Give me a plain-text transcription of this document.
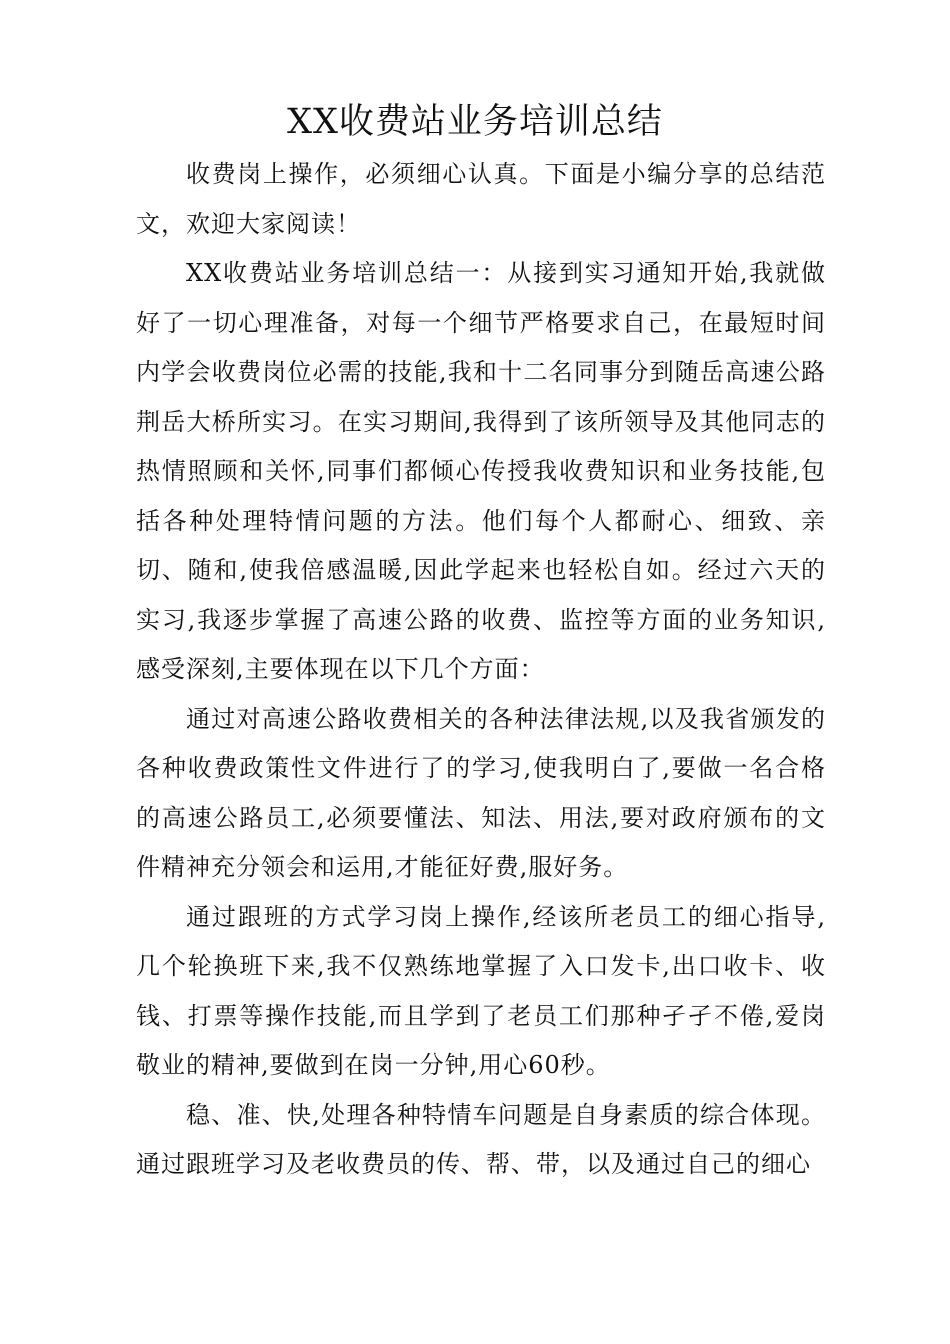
XX收费站业务培训总结

收费岗上操作，必须细心认真。下面是小编分享的总结范文，欢迎大家阅读！

XX收费站业务培训总结一：从接到实习通知开始,我就做好了一切心理准备，对每一个细节严格要求自己，在最短时间内学会收费岗位必需的技能,我和十二名同事分到随岳高速公路荆岳大桥所实习。在实习期间,我得到了该所领导及其他同志的热情照顾和关怀,同事们都倾心传授我收费知识和业务技能,包括各种处理特情问题的方法。他们每个人都耐心、细致、亲切、随和,使我倍感温暖,因此学起来也轻松自如。经过六天的实习,我逐步掌握了高速公路的收费、监控等方面的业务知识,感受深刻,主要体现在以下几个方面：

通过对高速公路收费相关的各种法律法规,以及我省颁发的各种收费政策性文件进行了的学习,使我明白了,要做一名合格的高速公路员工,必须要懂法、知法、用法,要对政府颁布的文件精神充分领会和运用,才能征好费,服好务。

通过跟班的方式学习岗上操作,经该所老员工的细心指导,几个轮换班下来,我不仅熟练地掌握了入口发卡,出口收卡、收钱、打票等操作技能,而且学到了老员工们那种孑孑不倦,爱岗敬业的精神,要做到在岗一分钟,用心60秒。

稳、准、快,处理各种特情车问题是自身素质的综合体现。通过跟班学习及老收费员的传、帮、带，以及通过自己的细心
